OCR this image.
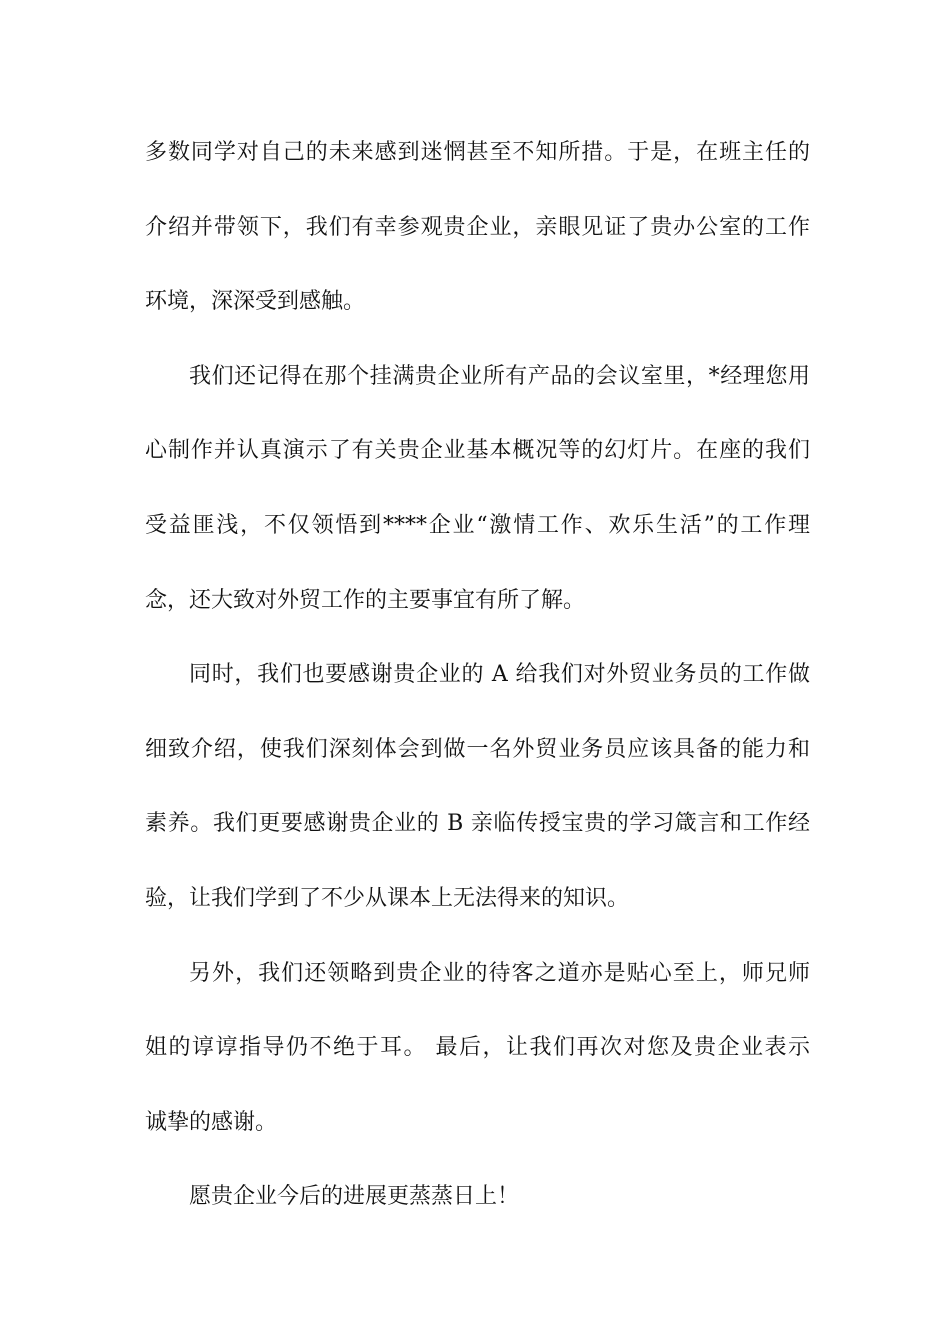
多数同学对自己的未来感到迷惘甚至不知所措。于是，在班主任的
介绍并带领下，我们有幸参观贵企业，亲眼见证了贵办公室的工作
环境，深深受到感触。
我们还记得在那个挂满贵企业所有产品的会议室里，*经理您用
心制作并认真演示了有关贵企业基本概况等的幻灯片。在座的我们
受益匪浅，不仅领悟到****企业“激情工作、欢乐生活”的工作理
念，还大致对外贸工作的主要事宜有所了解。
同时，我们也要感谢贵企业的 A 给我们对外贸业务员的工作做
细致介绍，使我们深刻体会到做一名外贸业务员应该具备的能力和
素养。我们更要感谢贵企业的 B 亲临传授宝贵的学习箴言和工作经
验，让我们学到了不少从课本上无法得来的知识。
另外，我们还领略到贵企业的待客之道亦是贴心至上，师兄师
姐的谆谆指导仍不绝于耳。 最后，让我们再次对您及贵企业表示
诚挚的感谢。
愿贵企业今后的进展更蒸蒸日上！
